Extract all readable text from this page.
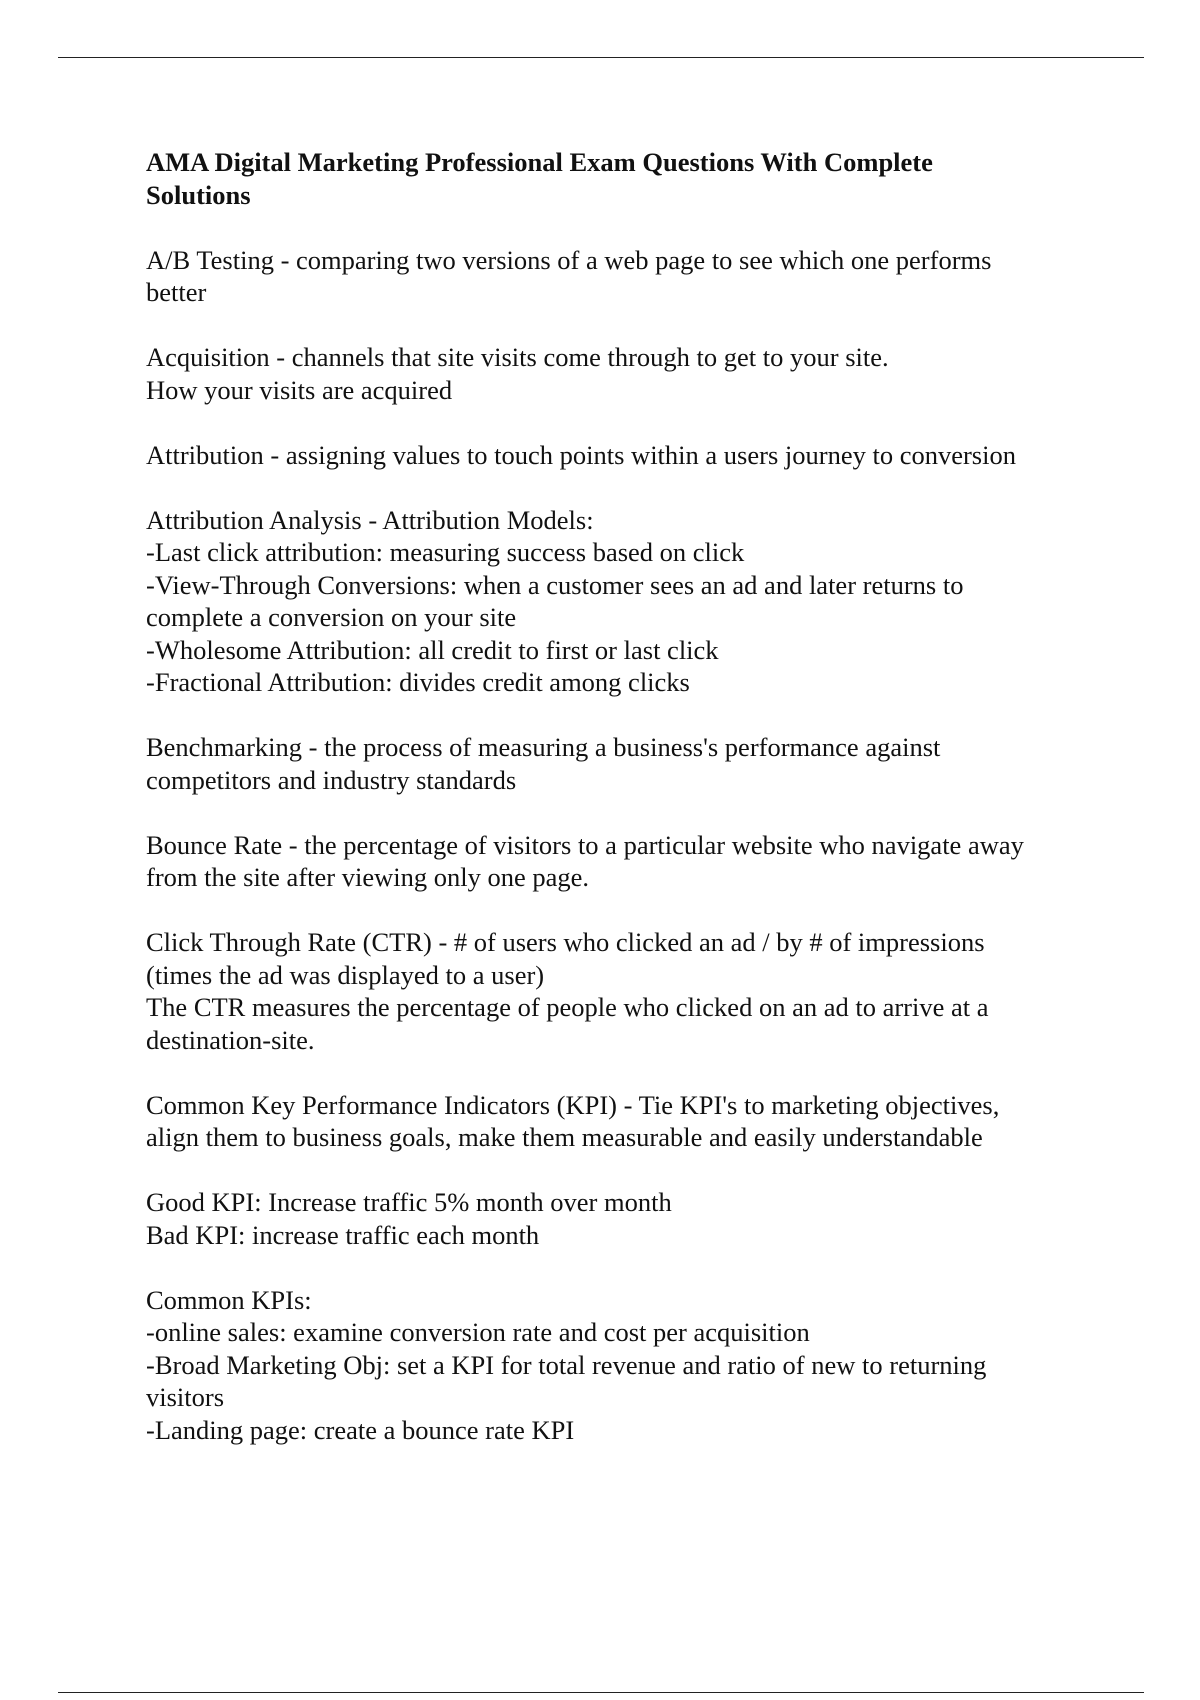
AMA Digital Marketing Professional Exam Questions With Complete
Solutions
A/B Testing - comparing two versions of a web page to see which one performs
better
Acquisition - channels that site visits come through to get to your site.
How your visits are acquired
Attribution - assigning values to touch points within a users journey to conversion
Attribution Analysis - Attribution Models:
-Last click attribution: measuring success based on click
-View-Through Conversions: when a customer sees an ad and later returns to
complete a conversion on your site
-Wholesome Attribution: all credit to first or last click
-Fractional Attribution: divides credit among clicks
Benchmarking - the process of measuring a business's performance against
competitors and industry standards
Bounce Rate - the percentage of visitors to a particular website who navigate away
from the site after viewing only one page.
Click Through Rate (CTR) - # of users who clicked an ad / by # of impressions
(times the ad was displayed to a user)
The CTR measures the percentage of people who clicked on an ad to arrive at a
destination-site.
Common Key Performance Indicators (KPI) - Tie KPI's to marketing objectives,
align them to business goals, make them measurable and easily understandable
Good KPI: Increase traffic 5% month over month
Bad KPI: increase traffic each month
Common KPIs:
-online sales: examine conversion rate and cost per acquisition
-Broad Marketing Obj: set a KPI for total revenue and ratio of new to returning
visitors
-Landing page: create a bounce rate KPI
